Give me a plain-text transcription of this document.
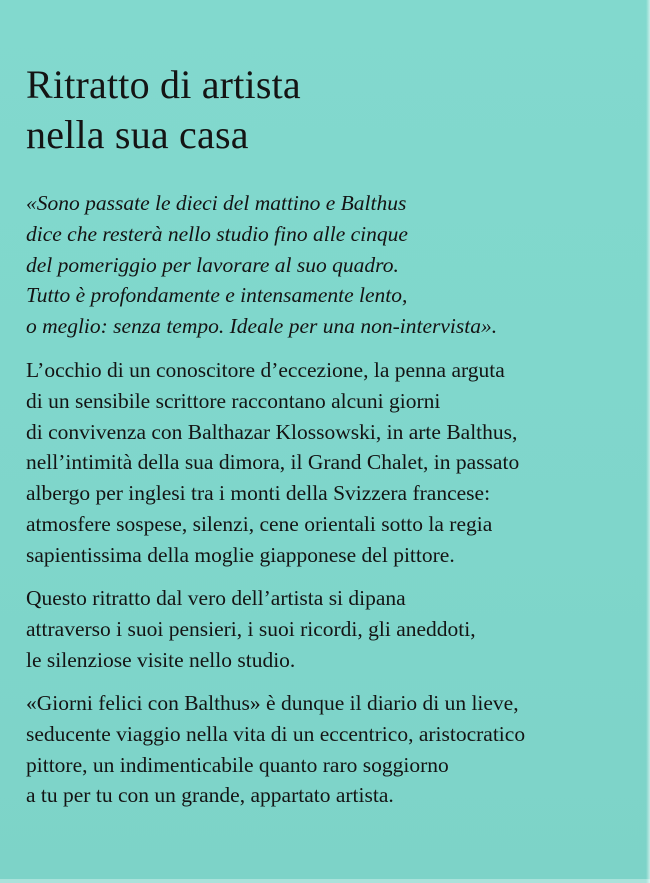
Ritratto di artista
nella sua casa

«Sono passate le dieci del mattino e Balthus
dice che resterà nello studio fino alle cinque
del pomeriggio per lavorare al suo quadro.
Tutto è profondamente e intensamente lento,
o meglio: senza tempo. Ideale per una non-intervista».

L’occhio di un conoscitore d’eccezione, la penna arguta
di un sensibile scrittore raccontano alcuni giorni
di convivenza con Balthazar Klossowski, in arte Balthus,
nell’intimità della sua dimora, il Grand Chalet, in passato
albergo per inglesi tra i monti della Svizzera francese:
atmosfere sospese, silenzi, cene orientali sotto la regia
sapientissima della moglie giapponese del pittore.

Questo ritratto dal vero dell’artista si dipana
attraverso i suoi pensieri, i suoi ricordi, gli aneddoti,
le silenziose visite nello studio.

«Giorni felici con Balthus» è dunque il diario di un lieve,
seducente viaggio nella vita di un eccentrico, aristocratico
pittore, un indimenticabile quanto raro soggiorno
a tu per tu con un grande, appartato artista.
